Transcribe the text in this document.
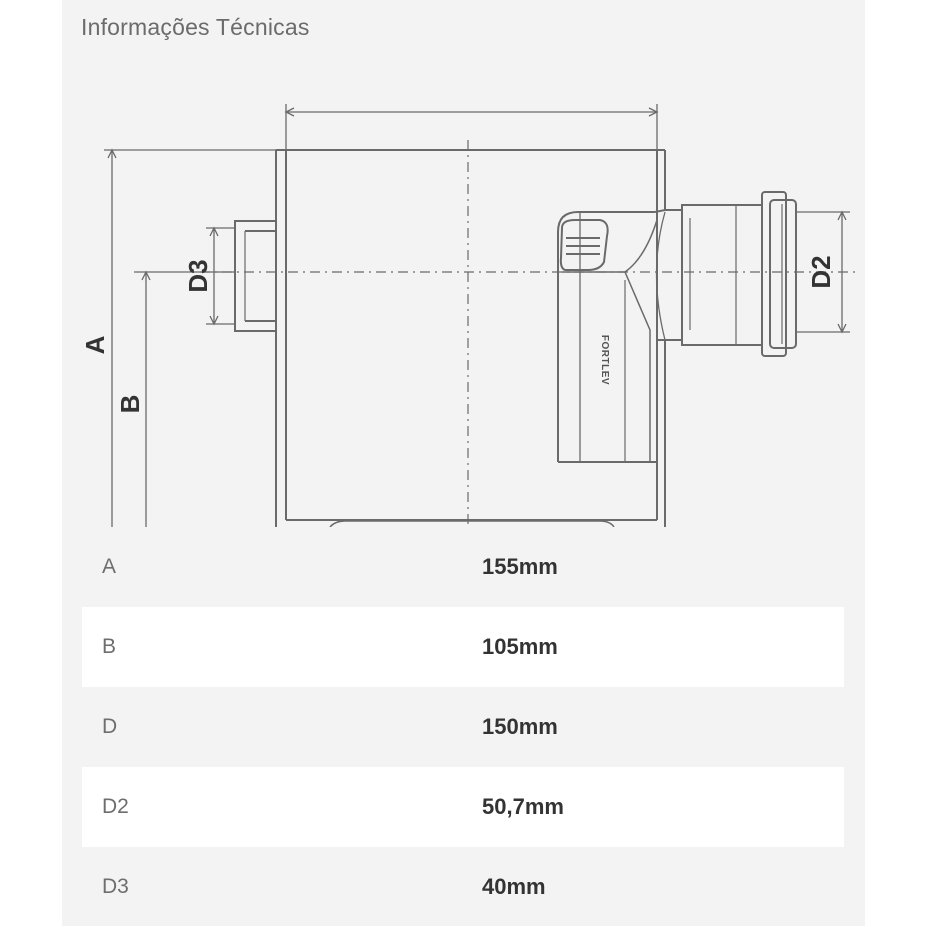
Informações Técnicas
A
B
D3	D2
FORTLEV
A	155mm
B	105mm
D	150mm
D2	50,7mm
D3	40mm
